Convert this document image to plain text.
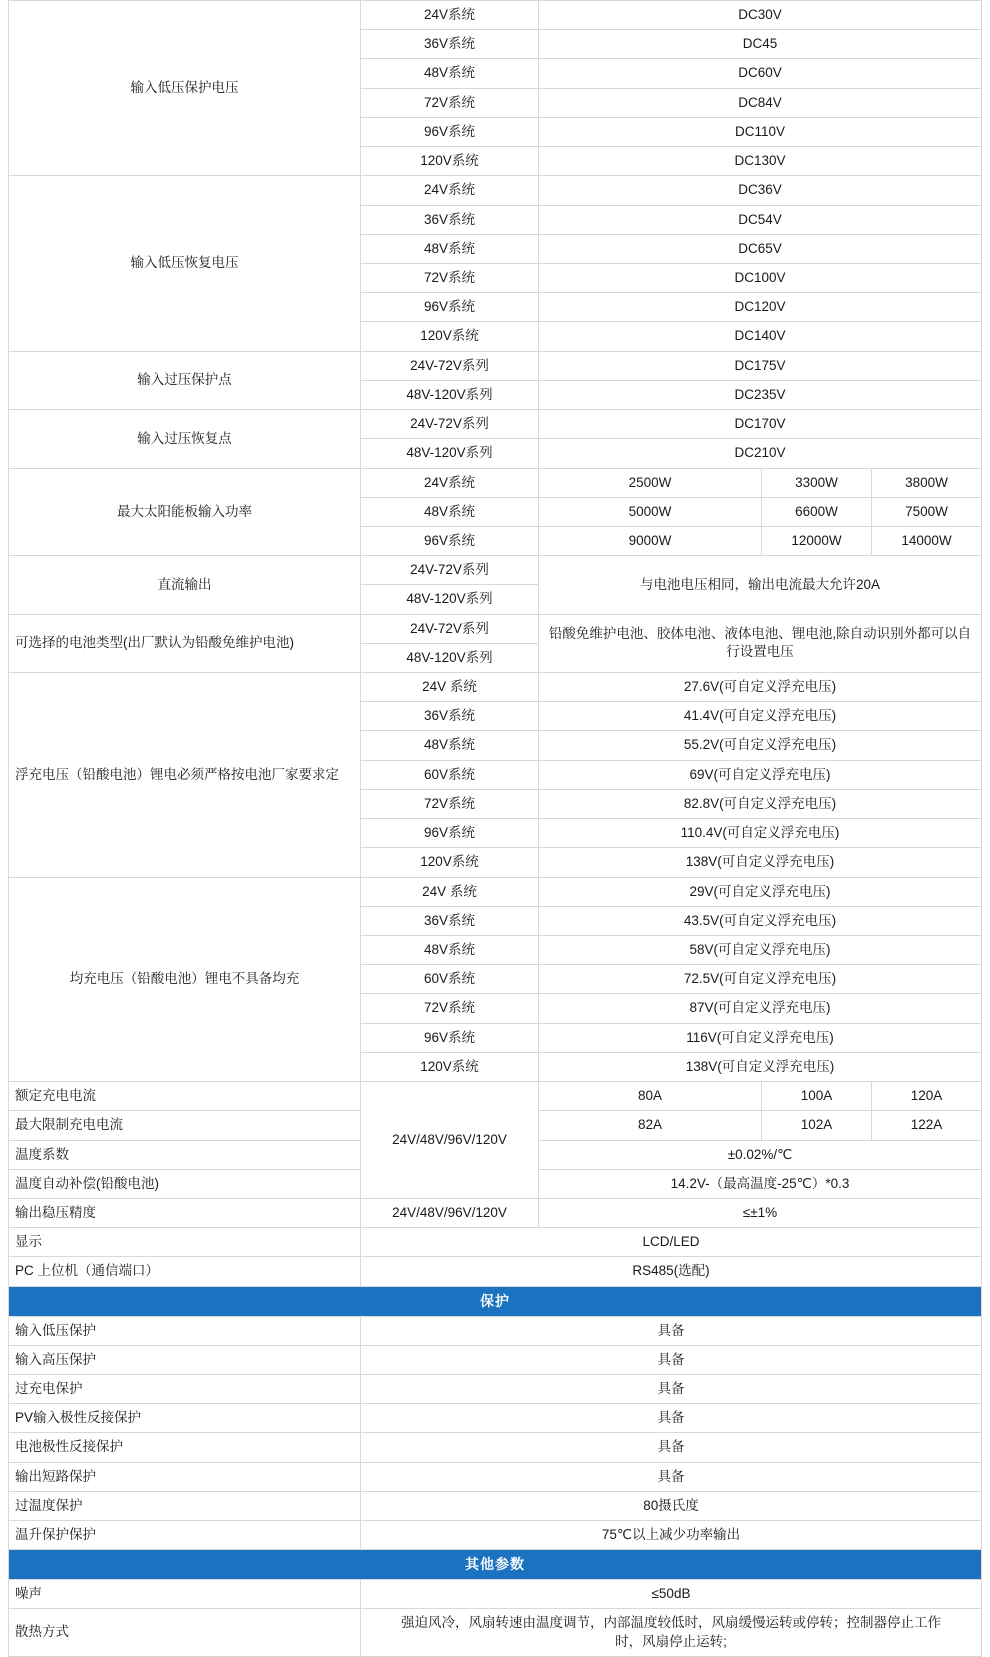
输入低压保护电压	24V系统	DC30V		
	36V系统	DC45		
	48V系统	DC60V		
	72V系统	DC84V		
	96V系统	DC110V		
	120V系统	DC130V		
输入低压恢复电压	24V系统	DC36V		
	36V系统	DC54V		
	48V系统	DC65V		
	72V系统	DC100V		
	96V系统	DC120V		
	120V系统	DC140V		
输入过压保护点	24V-72V系列	DC175V		
	48V-120V系列	DC235V		
输入过压恢复点	24V-72V系列	DC170V		
	48V-120V系列	DC210V		
最大太阳能板输入功率	24V系统	2500W	3300W	3800W
	48V系统	5000W	6600W	7500W
	96V系统	9000W	12000W	14000W
直流输出	24V-72V系列	与电池电压相同，输出电流最大允许20A		
	48V-120V系列			
可选择的电池类型(出厂默认为铅酸免维护电池)	24V-72V系列	铅酸免维护电池、胶体电池、液体电池、锂电池,除自动识别外都可以自行设置电压		
	48V-120V系列			
浮充电压（铅酸电池）锂电必须严格按电池厂家要求定	24V 系统	27.6V(可自定义浮充电压)		
	36V系统	41.4V(可自定义浮充电压)		
	48V系统	55.2V(可自定义浮充电压)		
	60V系统	69V(可自定义浮充电压)		
	72V系统	82.8V(可自定义浮充电压)		
	96V系统	110.4V(可自定义浮充电压)		
	120V系统	138V(可自定义浮充电压)		
均充电压（铅酸电池）锂电不具备均充	24V 系统	29V(可自定义浮充电压)		
	36V系统	43.5V(可自定义浮充电压)		
	48V系统	58V(可自定义浮充电压)		
	60V系统	72.5V(可自定义浮充电压)		
	72V系统	87V(可自定义浮充电压)		
	96V系统	116V(可自定义浮充电压)		
	120V系统	138V(可自定义浮充电压)		
额定充电电流	24V/48V/96V/120V	80A	100A	120A
最大限制充电电流		82A	102A	122A
温度系数		±0.02%/℃		
温度自动补偿(铅酸电池)		14.2V-（最高温度-25℃）*0.3		
输出稳压精度	24V/48V/96V/120V	≤±1%		
显示	LCD/LED			
PC 上位机（通信端口）	RS485(选配)			
保护				
输入低压保护	具备			
输入高压保护	具备			
过充电保护	具备			
PV输入极性反接保护	具备			
电池极性反接保护	具备			
输出短路保护	具备			
过温度保护	80摄氏度			
温升保护保护	75℃以上减少功率输出			
其他参数				
噪声	≤50dB			
散热方式	强迫风冷，风扇转速由温度调节，内部温度较低时，风扇缓慢运转或停转；控制器停止工作时，风扇停止运转;			
